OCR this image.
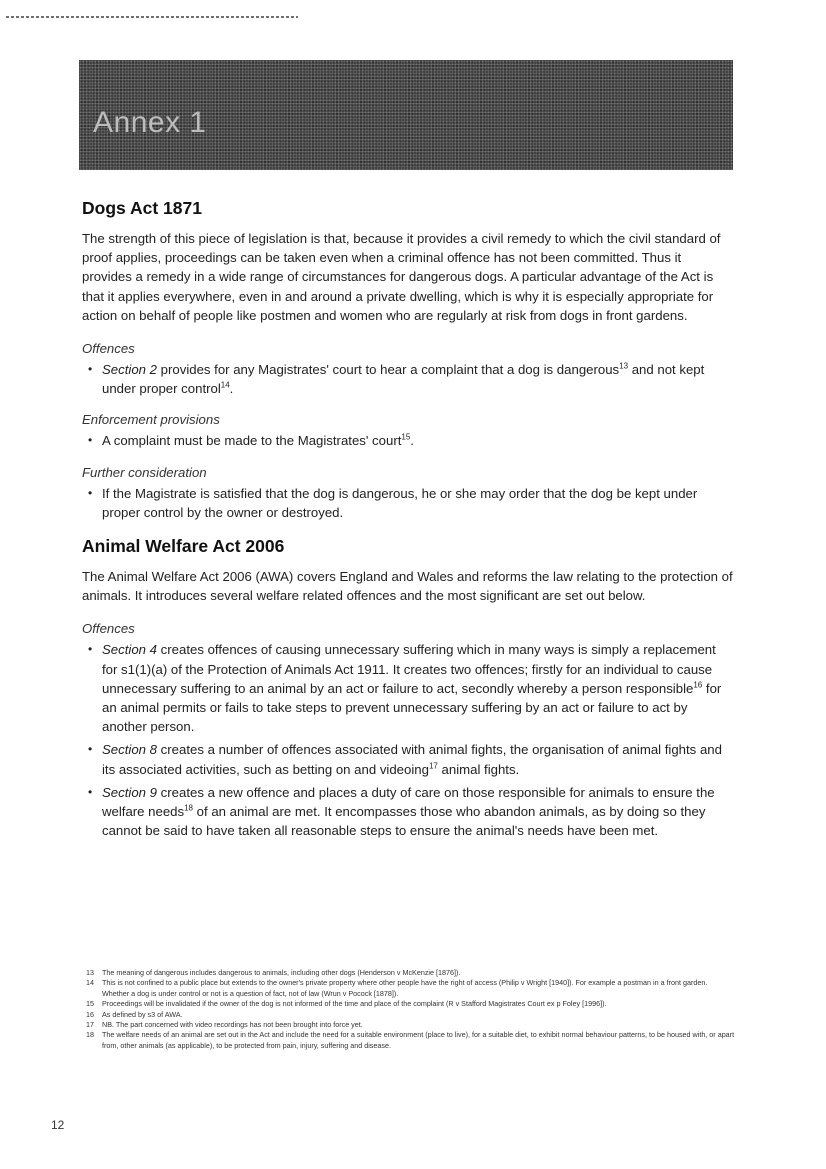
Annex 1
Dogs Act 1871

The strength of this piece of legislation is that, because it provides a civil remedy to which the civil standard of proof applies, proceedings can be taken even when a criminal offence has not been committed. Thus it provides a remedy in a wide range of circumstances for dangerous dogs. A particular advantage of the Act is that it applies everywhere, even in and around a private dwelling, which is why it is especially appropriate for action on behalf of people like postmen and women who are regularly at risk from dogs in front gardens.

Offences
• Section 2 provides for any Magistrates' court to hear a complaint that a dog is dangerous$^{13}$ and not kept under proper control$^{14}$.
Enforcement provisions
• A complaint must be made to the Magistrates' court$^{15}$.
Further consideration
• If the Magistrate is satisfied that the dog is dangerous, he or she may order that the dog be kept under proper control by the owner or destroyed.
Animal Welfare Act 2006

The Animal Welfare Act 2006 (AWA) covers England and Wales and reforms the law relating to the protection of animals. It introduces several welfare related offences and the most significant are set out below.

Offences
• Section 4 creates offences of causing unnecessary suffering which in many ways is simply a replacement for s1(1)(a) of the Protection of Animals Act 1911. It creates two offences; firstly for an individual to cause unnecessary suffering to an animal by an act or failure to act, secondly whereby a person responsible$^{16}$ for an animal permits or fails to take steps to prevent unnecessary suffering by an act or failure to act by another person.
• Section 8 creates a number of offences associated with animal fights, the organisation of animal fights and its associated activities, such as betting on and videoing$^{17}$ animal fights.
• Section 9 creates a new offence and places a duty of care on those responsible for animals to ensure the welfare needs$^{18}$ of an animal are met. It encompasses those who abandon animals, as by doing so they cannot be said to have taken all reasonable steps to ensure the animal's needs have been met.
13	The meaning of dangerous includes dangerous to animals, including other dogs (Henderson v McKenzie [1876]).
14	This is not confined to a public place but extends to the owner's private property where other people have the right of access (Philip v Wright [1940]). For example a postman in a front garden. Whether a dog is under control or not is a question of fact, not of law (Wrun v Pocock [1878]).
15	Proceedings will be invalidated if the owner of the dog is not informed of the time and place of the complaint (R v Stafford Magistrates Court ex p Foley [1996]).
16	As defined by s3 of AWA.
17	NB. The part concerned with video recordings has not been brought into force yet.
18	The welfare needs of an animal are set out in the Act and include the need for a suitable environment (place to live), for a suitable diet, to exhibit normal behaviour patterns, to be housed with, or apart from, other animals (as applicable), to be protected from pain, injury, suffering and disease.
12
